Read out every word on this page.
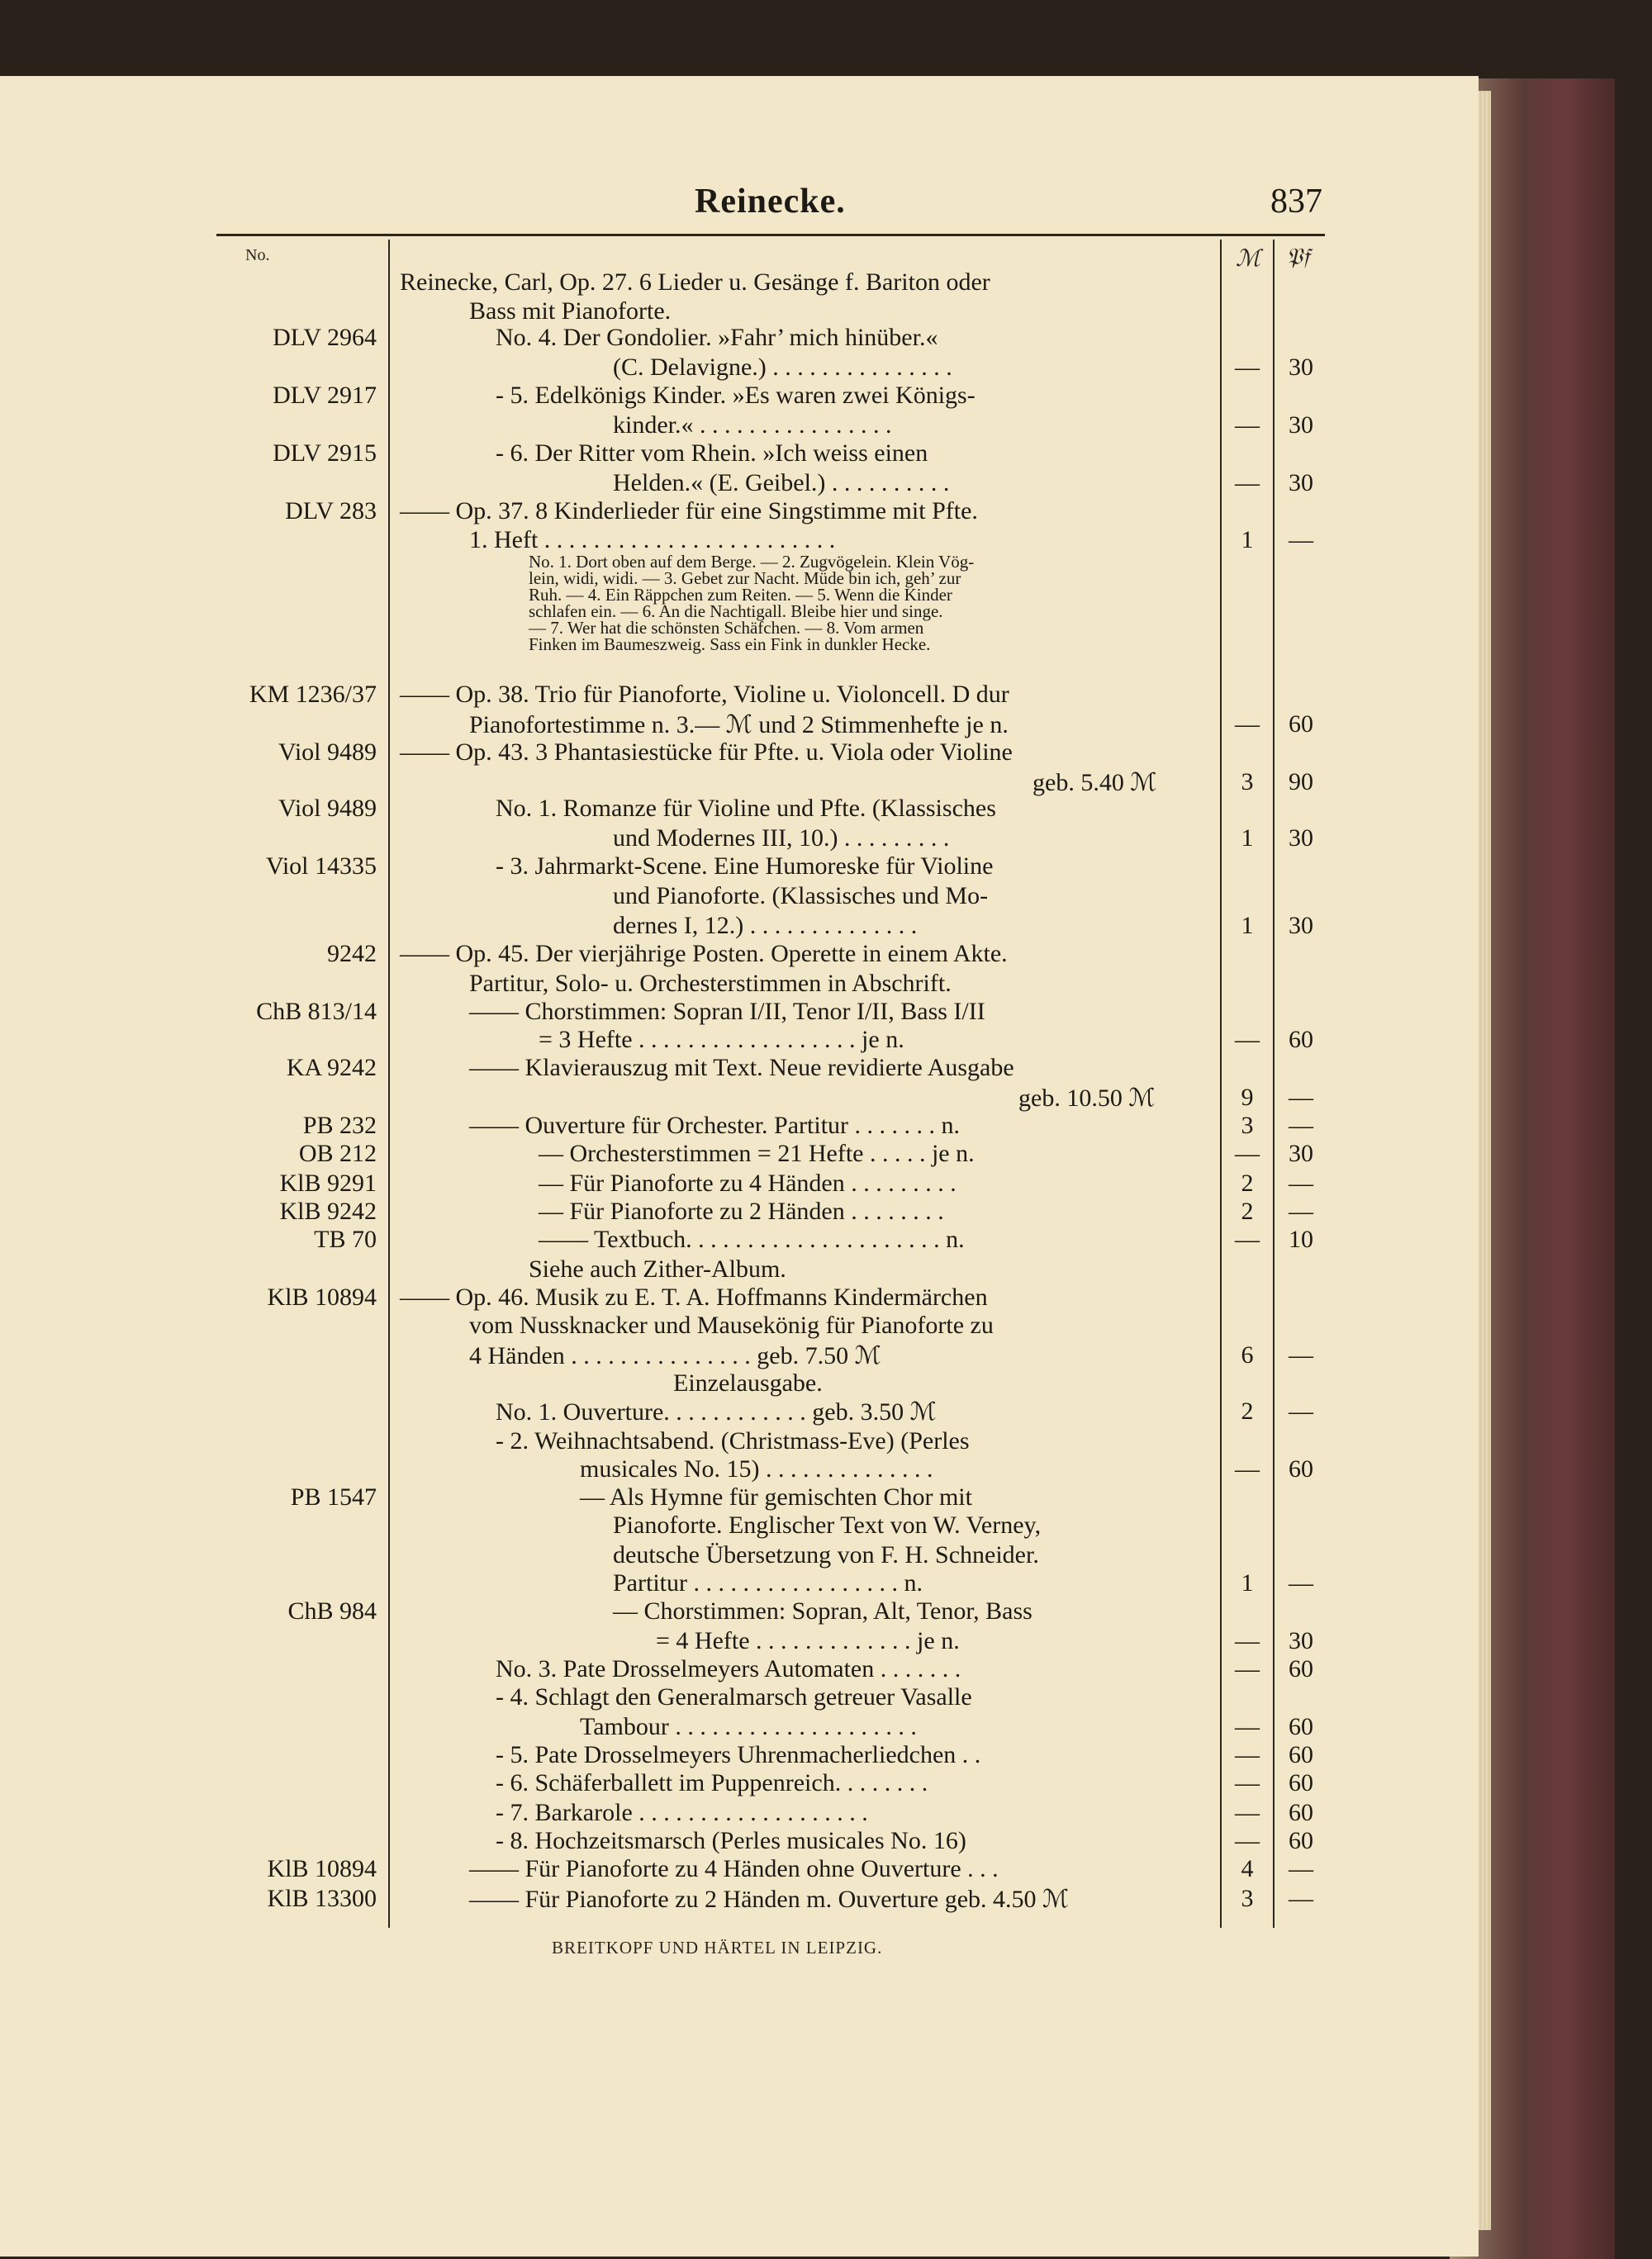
Reinecke.	837
No.	ℳ 𝔓𝔣
Reinecke, Carl, Op. 27. 6 Lieder u. Gesänge f. Bariton oder
Bass mit Pianoforte.
DLV 2964	No. 4. Der Gondolier. »Fahr’ mich hinüber.«
(C. Delavigne.) . . . . . . . . . . . . . . .	—	30
DLV 2917	- 5. Edelkönigs Kinder. »Es waren zwei Königs-
kinder.« . . . . . . . . . . . . . . . .	—	30
DLV 2915	- 6. Der Ritter vom Rhein. »Ich weiss einen
Helden.« (E. Geibel.) . . . . . . . . . .	—	30
DLV 283 —— Op. 37. 8 Kinderlieder für eine Singstimme mit Pfte.
1. Heft . . . . . . . . . . . . . . . . . . . . . . . .	1	—
No. 1. Dort oben auf dem Berge. — 2. Zugvögelein. Klein Vög-
lein, widi, widi. — 3. Gebet zur Nacht. Müde bin ich, geh’ zur
Ruh. — 4. Ein Räppchen zum Reiten. — 5. Wenn die Kinder
schlafen ein. — 6. An die Nachtigall. Bleibe hier und singe.
— 7. Wer hat die schönsten Schäfchen. — 8. Vom armen
Finken im Baumeszweig. Sass ein Fink in dunkler Hecke.
KM 1236/37 —— Op. 38. Trio für Pianoforte, Violine u. Violoncell. D dur
Pianofortestimme n. 3.— ℳ und 2 Stimmenhefte je n.	—	60
Viol 9489 —— Op. 43. 3 Phantasiestücke für Pfte. u. Viola oder Violine
geb. 5.40 ℳ	3	90
Viol 9489	No. 1. Romanze für Violine und Pfte. (Klassisches
und Modernes III, 10.) . . . . . . . . .	1	30
Viol 14335	- 3. Jahrmarkt-Scene. Eine Humoreske für Violine
und Pianoforte. (Klassisches und Mo-
dernes I, 12.) . . . . . . . . . . . . . .	1	30
9242 —— Op. 45. Der vierjährige Posten. Operette in einem Akte.
Partitur, Solo- u. Orchesterstimmen in Abschrift.
ChB 813/14	—— Chorstimmen: Sopran I/II, Tenor I/II, Bass I/II
= 3 Hefte . . . . . . . . . . . . . . . . . . je n.	—	60
KA 9242	—— Klavierauszug mit Text. Neue revidierte Ausgabe
geb. 10.50 ℳ	9	—
PB 232	—— Ouverture für Orchester. Partitur . . . . . . . n.	3	—
OB 212	— Orchesterstimmen = 21 Hefte . . . . . je n.	—	30
KlB 9291	— Für Pianoforte zu 4 Händen . . . . . . . . .	2	—
KlB 9242	— Für Pianoforte zu 2 Händen . . . . . . . .	2	—
TB 70	—— Textbuch. . . . . . . . . . . . . . . . . . . . . n.	—	10
Siehe auch Zither-Album.
KlB 10894 —— Op. 46. Musik zu E. T. A. Hoffmanns Kindermärchen
vom Nussknacker und Mausekönig für Pianoforte zu
4 Händen . . . . . . . . . . . . . . . geb. 7.50 ℳ	6	—
Einzelausgabe.
No. 1. Ouverture. . . . . . . . . . . . geb. 3.50 ℳ	2	—
- 2. Weihnachtsabend. (Christmass-Eve) (Perles
musicales No. 15) . . . . . . . . . . . . . .	—	60
PB 1547	— Als Hymne für gemischten Chor mit
Pianoforte. Englischer Text von W. Verney,
deutsche Übersetzung von F. H. Schneider.
Partitur . . . . . . . . . . . . . . . . . n.	1	—
ChB 984	— Chorstimmen: Sopran, Alt, Tenor, Bass
= 4 Hefte . . . . . . . . . . . . . je n.	—	30
No. 3. Pate Drosselmeyers Automaten . . . . . . .	—	60
- 4. Schlagt den Generalmarsch getreuer Vasalle
Tambour . . . . . . . . . . . . . . . . . . . .	—	60
- 5. Pate Drosselmeyers Uhrenmacherliedchen . .	—	60
- 6. Schäferballett im Puppenreich. . . . . . . .	—	60
- 7. Barkarole . . . . . . . . . . . . . . . . . . .	—	60
- 8. Hochzeitsmarsch (Perles musicales No. 16)	—	60
KlB 10894	—— Für Pianoforte zu 4 Händen ohne Ouverture . . .	4	—
KlB 13300	—— Für Pianoforte zu 2 Händen m. Ouverture geb. 4.50 ℳ	3	—
BREITKOPF UND HÄRTEL IN LEIPZIG.
